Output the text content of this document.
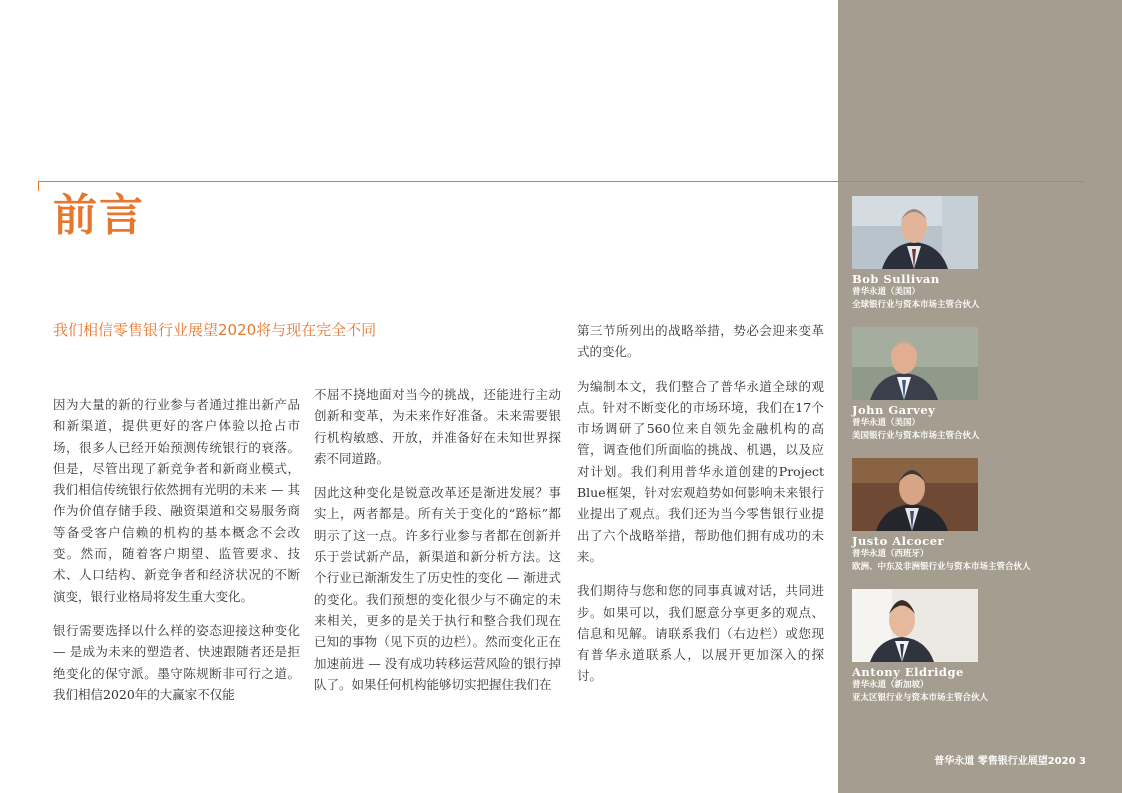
前言
我们相信零售银行业展望2020将与现在完全不同

因为大量的新的行业参与者通过推出新产品和新渠道，提供更好的客户体验以抢占市场，很多人已经开始预测传统银行的衰落。但是，尽管出现了新竞争者和新商业模式，我们相信传统银行依然拥有光明的未来 — 其作为价值存储手段、融资渠道和交易服务商等备受客户信赖的机构的基本概念不会改变。然而，随着客户期望、监管要求、技术、人口结构、新竞争者和经济状况的不断演变，银行业格局将发生重大变化。

银行需要选择以什么样的姿态迎接这种变化 — 是成为未来的塑造者、快速跟随者还是拒绝变化的保守派。墨守陈规断非可行之道。我们相信2020年的大赢家不仅能

不屈不挠地面对当今的挑战，还能进行主动创新和变革，为未来作好准备。未来需要银行机构敏感、开放，并准备好在未知世界探索不同道路。

因此这种变化是锐意改革还是渐进发展？事实上，两者都是。所有关于变化的“路标”都明示了这一点。许多行业参与者都在创新并乐于尝试新产品，新渠道和新分析方法。这个行业已渐渐发生了历史性的变化 — 渐进式的变化。我们预想的变化很少与不确定的未来相关，更多的是关于执行和整合我们现在已知的事物（见下页的边栏）。然而变化正在加速前进 — 没有成功转移运营风险的银行掉队了。如果任何机构能够切实把握住我们在

第三节所列出的战略举措，势必会迎来变革式的变化。

为编制本文，我们整合了普华永道全球的观点。针对不断变化的市场环境，我们在17个市场调研了560位来自领先金融机构的高管，调查他们所面临的挑战、机遇，以及应对计划。我们利用普华永道创建的Project Blue框架，针对宏观趋势如何影响未来银行业提出了观点。我们还为当今零售银行业提出了六个战略举措，帮助他们拥有成功的未来。

我们期待与您和您的同事真诚对话，共同进步。如果可以，我们愿意分享更多的观点、信息和见解。请联系我们（右边栏）或您现有普华永道联系人，以展开更加深入的探讨。

Bob Sullivan
普华永道（美国）
全球银行业与资本市场主管合伙人
John Garvey
普华永道（美国）
美国银行业与资本市场主管合伙人
Justo Alcocer
普华永道（西班牙）
欧洲、中东及非洲银行业与资本市场主管合伙人
Antony Eldridge
普华永道（新加坡）
亚太区银行业与资本市场主管合伙人
普华永道 零售银行业展望2020 3
